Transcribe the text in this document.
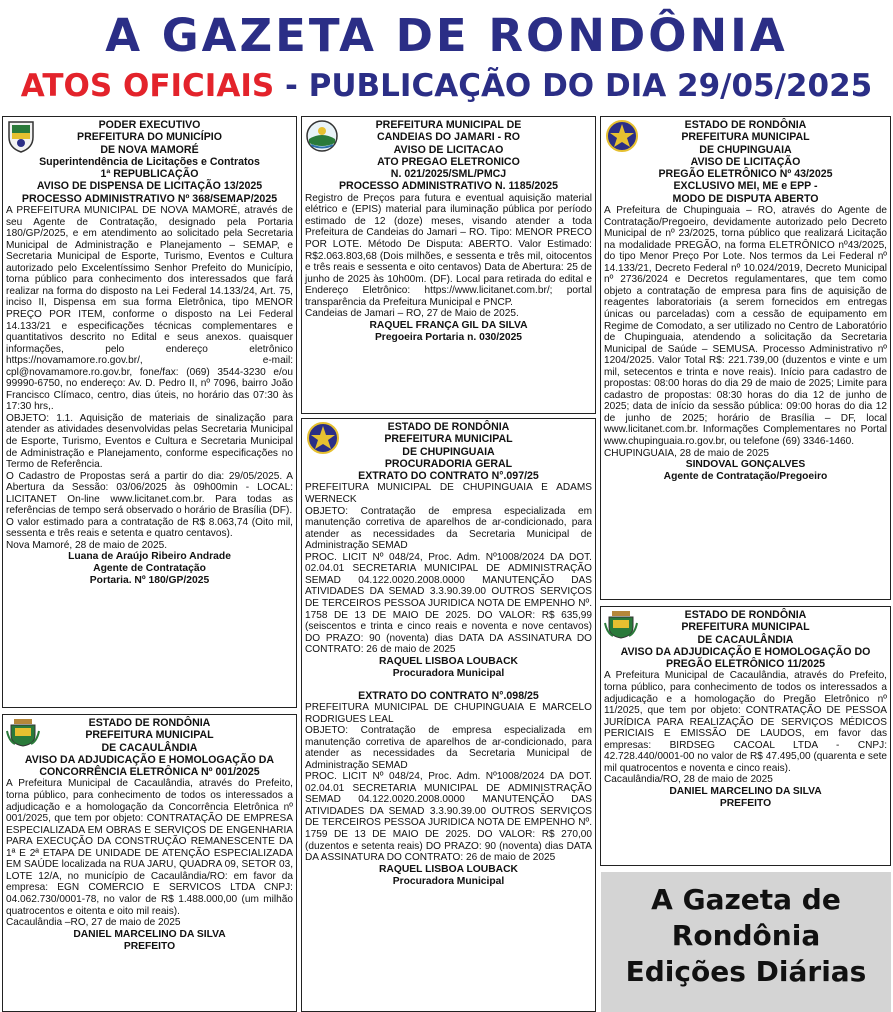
A GAZETA DE RONDÔNIA
ATOS OFICIAIS - PUBLICAÇÃO DO DIA 29/05/2025
PODER EXECUTIVO
PREFEITURA DO MUNICÍPIO
DE NOVA MAMORÉ
Superintendência de Licitações e Contratos
1ª REPUBLICAÇÃO
AVISO DE DISPENSA DE LICITAÇÃO 13/2025
PROCESSO ADMINISTRATIVO Nº 368/SEMAP/2025

A PREFEITURA MUNICIPAL DE NOVA MAMORÉ, através de seu Agente de Contratação, designado pela Portaria 180/GP/2025, e em atendimento ao solicitado pela Secretaria Municipal de Administração e Planejamento – SEMAP, e Secretaria Municipal de Esporte, Turismo, Eventos e Cultura autorizado pelo Excelentíssimo Senhor Prefeito do Município, torna público para conhecimento dos interessados que fará realizar na forma do disposto na Lei Federal 14.133/24, Art. 75, inciso II, Dispensa em sua forma Eletrônica, tipo MENOR PREÇO POR ITEM, conforme o disposto na Lei Federal 14.133/21 e especificações técnicas complementares e quantitativos descrito no Edital e seus anexos. quaisquer informações, pelo endereço eletrônico https://novamamore.ro.gov.br/, e-mail: cpl@novamamore.ro.gov.br, fone/fax: (069) 3544-3230 e/ou 99990-6750, no endereço: Av. D. Pedro II, nº 7096, bairro João Francisco Clímaco, centro, dias úteis, no horário das 07:30 às 17:30 hrs,.

OBJETO: 1.1. Aquisição de materiais de sinalização para atender as atividades desenvolvidas pelas Secretaria Municipal de Esporte, Turismo, Eventos e Cultura e Secretaria Municipal de Administração e Planejamento, conforme especificações no Termo de Referência.

O Cadastro de Propostas será a partir do dia: 29/05/2025. A Abertura da Sessão: 03/06/2025 às 09h00min - LOCAL: LICITANET On-line www.licitanet.com.br. Para todas as referências de tempo será observado o horário de Brasília (DF).

O valor estimado para a contratação de R$ 8.063,74 (Oito mil, sessenta e três reais e setenta e quatro centavos).

Nova Mamoré, 28 de maio de 2025.

Luana de Araújo Ribeiro Andrade
Agente de Contratação
Portaria. Nº 180/GP/2025
ESTADO DE RONDÔNIA
PREFEITURA MUNICIPAL
DE CACAULÂNDIA
AVISO DA ADJUDICAÇÃO E HOMOLOGAÇÃO DA
CONCORRÊNCIA ELETRÔNICA Nº 001/2025

A Prefeitura Municipal de Cacaulândia, através do Prefeito, torna público, para conhecimento de todos os interessados a adjudicação e a homologação da Concorrência Eletrônica nº 001/2025, que tem por objeto: CONTRATAÇÃO DE EMPRESA ESPECIALIZADA EM OBRAS E SERVIÇOS DE ENGENHARIA PARA EXECUÇÃO DA CONSTRUÇÃO REMANESCENTE DA 1ª E 2ª ETAPA DE UNIDADE DE ATENÇÃO ESPECIALIZADA EM SAÚDE localizada na RUA JARU, QUADRA 09, SETOR 03, LOTE 12/A, no município de Cacaulândia/RO: em favor da empresa: EGN COMERCIO E SERVICOS LTDA CNPJ: 04.062.730/0001-78, no valor de R$ 1.488.000,00 (um milhão quatrocentos e oitenta e oito mil reais).

Cacaulândia –RO, 27 de maio de 2025

DANIEL MARCELINO DA SILVA
PREFEITO
PREFEITURA MUNICIPAL DE
CANDEIAS DO JAMARI - RO
AVISO DE LICITACAO
ATO PREGAO ELETRONICO
N. 021/2025/SML/PMCJ
PROCESSO ADMINISTRATIVO N. 1185/2025

Registro de Preços para futura e eventual aquisição material elétrico e (EPIS) material para iluminação pública por período estimado de 12 (doze) meses, visando atender a toda Prefeitura de Candeias do Jamari – RO. Tipo: MENOR PRECO POR LOTE. Método De Disputa: ABERTO. Valor Estimado: R$2.063.803,68 (Dois milhões, e sessenta e três mil, oitocentos e três reais e sessenta e oito centavos) Data de Abertura: 25 de junho de 2025 às 10h00m. (DF). Local para retirada do edital e Endereço Eletrônico: https://www.licitanet.com.br/; portal transparência da Prefeitura Municipal e PNCP.

Candeias de Jamari – RO, 27 de Maio de 2025.

RAQUEL FRANÇA GIL DA SILVA
Pregoeira Portaria n. 030/2025
ESTADO DE RONDÔNIA
PREFEITURA MUNICIPAL
DE CHUPINGUAIA
PROCURADORIA GERAL
EXTRATO DO CONTRATO N°.097/25

PREFEITURA MUNICIPAL DE CHUPINGUAIA E ADAMS WERNECK

OBJETO: Contratação de empresa especializada em manutenção corretiva de aparelhos de ar-condicionado, para atender as necessidades da Secretaria Municipal de Administração SEMAD

PROC. LICIT Nº 048/24, Proc. Adm. Nº1008/2024 DA DOT. 02.04.01 SECRETARIA MUNICIPAL DE ADMINISTRAÇÃO SEMAD 04.122.0020.2008.0000 MANUTENÇÃO DAS ATIVIDADES DA SEMAD 3.3.90.39.00 OUTROS SERVIÇOS DE TERCEIROS PESSOA JURIDICA NOTA DE EMPENHO Nº. 1758 DE 13 DE MAIO DE 2025. DO VALOR: R$ 635,99 (seiscentos e trinta e cinco reais e noventa e nove centavos) DO PRAZO: 90 (noventa) dias DATA DA ASSINATURA DO CONTRATO: 26 de maio de 2025

RAQUEL LISBOA LOUBACK
Procuradora Municipal
EXTRATO DO CONTRATO N°.098/25

PREFEITURA MUNICIPAL DE CHUPINGUAIA E MARCELO RODRIGUES LEAL

OBJETO: Contratação de empresa especializada em manutenção corretiva de aparelhos de ar-condicionado, para atender as necessidades da Secretaria Municipal de Administração SEMAD

PROC. LICIT Nº 048/24, Proc. Adm. Nº1008/2024 DA DOT. 02.04.01 SECRETARIA MUNICIPAL DE ADMINISTRAÇÃO SEMAD 04.122.0020.2008.0000 MANUTENÇÃO DAS ATIVIDADES DA SEMAD 3.3.90.39.00 OUTROS SERVIÇOS DE TERCEIROS PESSOA JURIDICA NOTA DE EMPENHO Nº. 1759 DE 13 DE MAIO DE 2025. DO VALOR: R$ 270,00 (duzentos e setenta reais) DO PRAZO: 90 (noventa) dias DATA DA ASSINATURA DO CONTRATO: 26 de maio de 2025

RAQUEL LISBOA LOUBACK
Procuradora Municipal
ESTADO DE RONDÔNIA
PREFEITURA MUNICIPAL
DE CHUPINGUAIA
AVISO DE LICITAÇÃO
PREGÃO ELETRÔNICO Nº 43/2025
EXCLUSIVO MEI, ME e EPP -
MODO DE DISPUTA ABERTO

A Prefeitura de Chupinguaia – RO, através do Agente de Contratação/Pregoeiro, devidamente autorizado pelo Decreto Municipal de nº 23/2025, torna público que realizará Licitação na modalidade PREGÃO, na forma ELETRÔNICO nº43/2025, do tipo Menor Preço Por Lote. Nos termos da Lei Federal nº 14.133/21, Decreto Federal nº 10.024/2019, Decreto Municipal nº 2736/2024 e Decretos regulamentares, que tem como objeto a contratação de empresa para fins de aquisição de reagentes laboratoriais (a serem fornecidos em entregas únicas ou parceladas) com a cessão de equipamento em Regime de Comodato, a ser utilizado no Centro de Laboratório de Chupinguaia, atendendo a solicitação da Secretaria Municipal de Saúde – SEMUSA. Processo Administrativo nº 1204/2025. Valor Total R$: 221.739,00 (duzentos e vinte e um mil, setecentos e trinta e nove reais). Início para cadastro de propostas: 08:00 horas do dia 29 de maio de 2025; Limite para cadastro de propostas: 08:30 horas do dia 12 de junho de 2025; data de início da sessão pública: 09:00 horas do dia 12 de junho de 2025; horário de Brasília – DF, local www.licitanet.com.br. Informações Complementares no Portal www.chupinguaia.ro.gov.br, ou telefone (69) 3346-1460.

CHUPINGUAIA, 28 de maio de 2025

SINDOVAL GONÇALVES
Agente de Contratação/Pregoeiro
ESTADO DE RONDÔNIA
PREFEITURA MUNICIPAL
DE CACAULÂNDIA
AVISO DA ADJUDICAÇÃO E HOMOLOGAÇÃO DO
PREGÃO ELETRÔNICO 11/2025

A Prefeitura Municipal de Cacaulândia, através do Prefeito, torna público, para conhecimento de todos os interessados a adjudicação e a homologação do Pregão Eletrônico nº 11/2025, que tem por objeto: CONTRATAÇÃO DE PESSOA JURÍDICA PARA REALIZAÇÃO DE SERVIÇOS MÉDICOS PERICIAIS E EMISSÃO DE LAUDOS, em favor das empresas: BIRDSEG CACOAL LTDA - CNPJ: 42.728.440/0001-00 no valor de R$ 47.495,00 (quarenta e sete mil quatrocentos e noventa e cinco reais).

Cacaulândia/RO, 28 de maio de 2025

DANIEL MARCELINO DA SILVA
PREFEITO
A Gazeta de
Rondônia
Edições Diárias
